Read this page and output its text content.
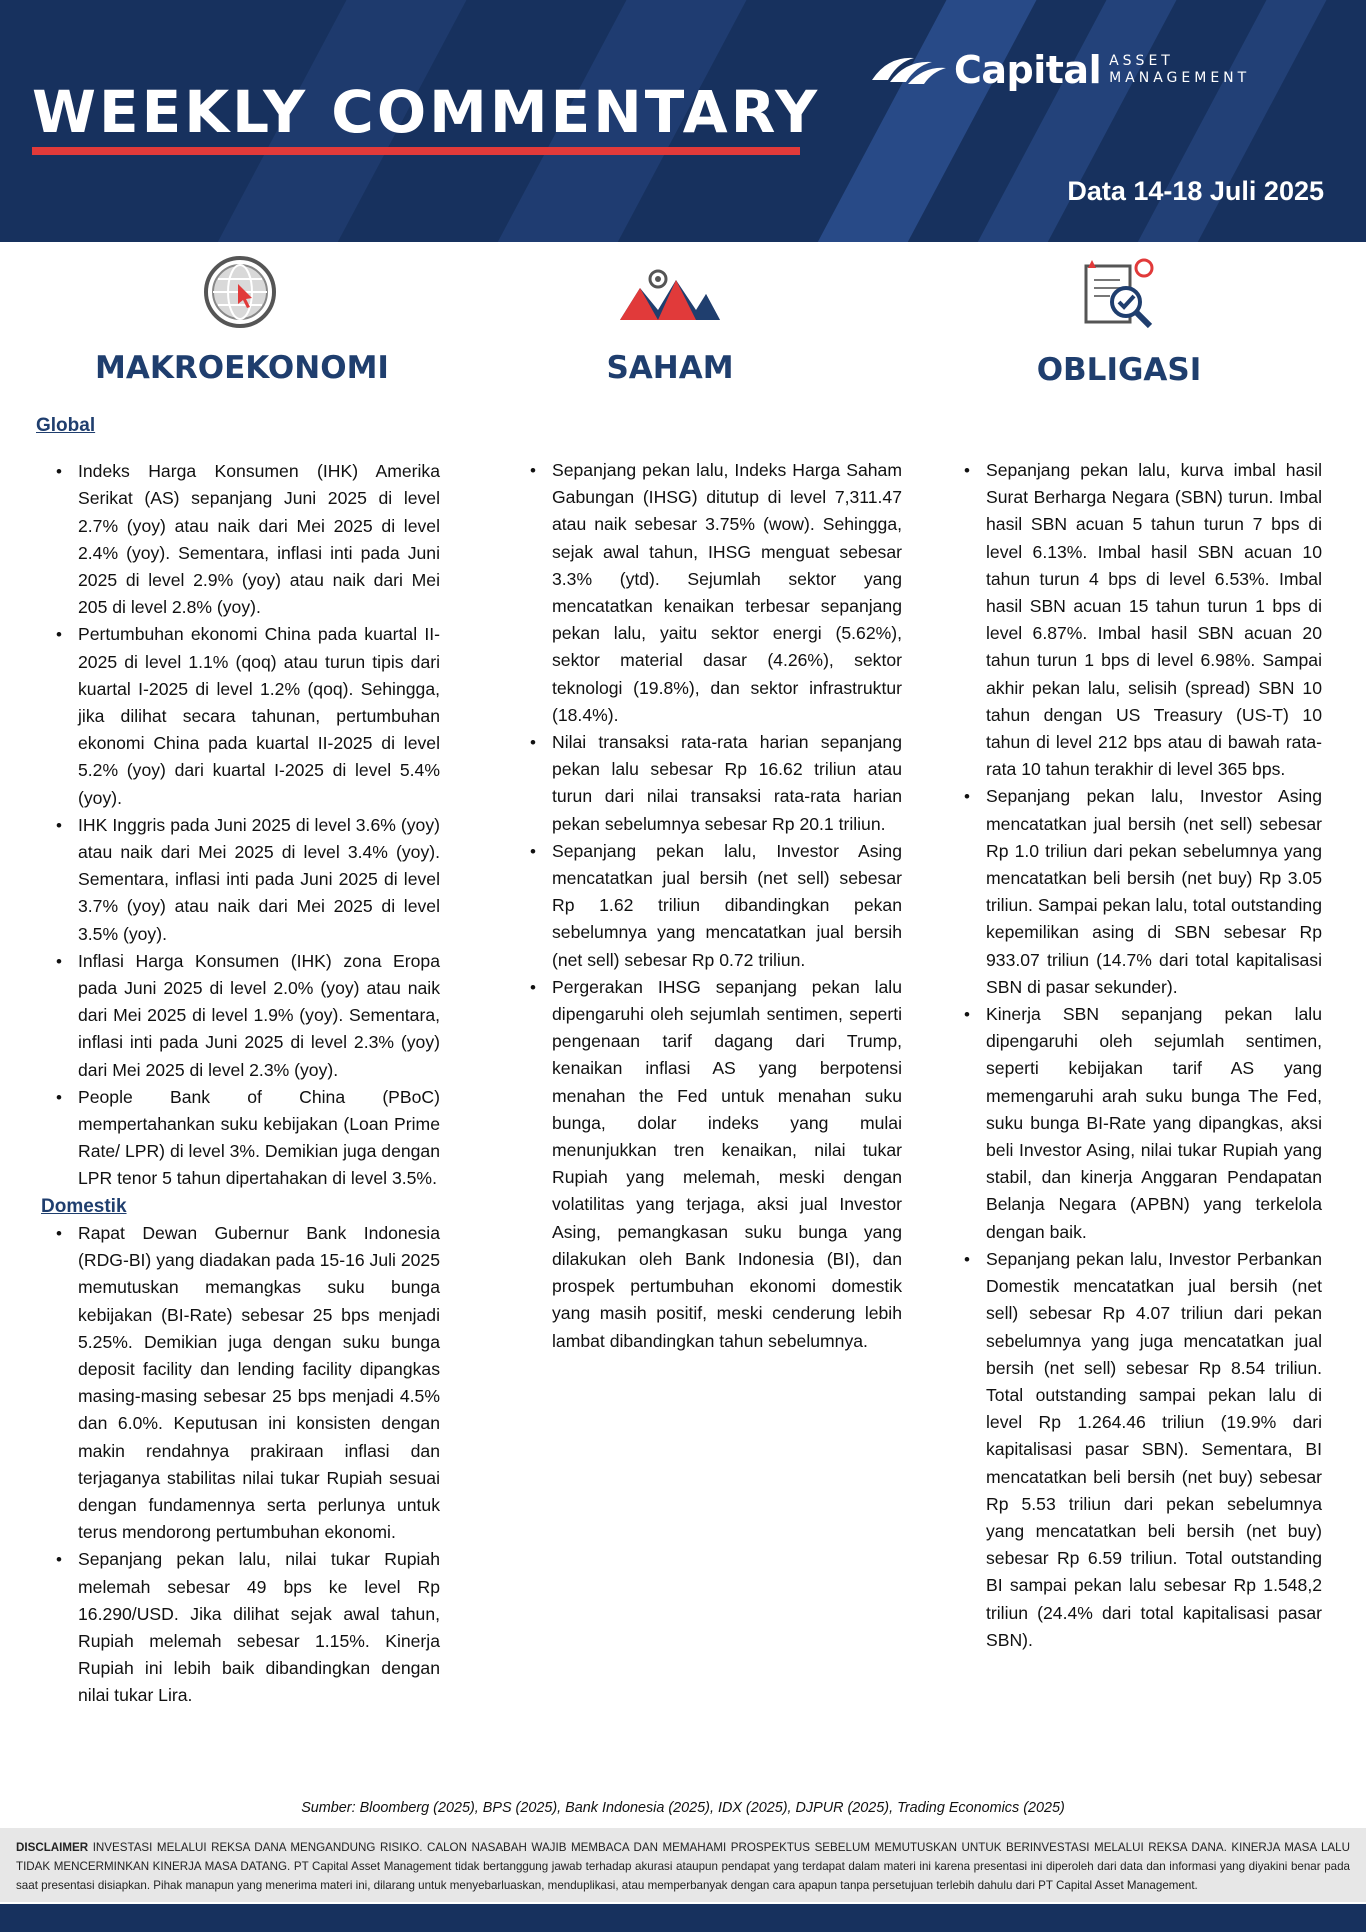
WEEKLY COMMENTARY
Capital ASSET
MANAGEMENT
Data 14-18 Juli 2025
MAKROEKONOMI	SAHAM	OBLIGASI
Global
• Indeks Harga Konsumen (IHK) Amerika Serikat (AS) sepanjang Juni 2025 di level 2.7% (yoy) atau naik dari Mei 2025 di level 2.4% (yoy). Sementara, inflasi inti pada Juni 2025 di level 2.9% (yoy) atau naik dari Mei 205 di level 2.8% (yoy).
• Pertumbuhan ekonomi China pada kuartal II-2025 di level 1.1% (qoq) atau turun tipis dari kuartal I-2025 di level 1.2% (qoq). Sehingga, jika dilihat secara tahunan, pertumbuhan ekonomi China pada kuartal II-2025 di level 5.2% (yoy) dari kuartal I-2025 di level 5.4% (yoy).
• IHK Inggris pada Juni 2025 di level 3.6% (yoy) atau naik dari Mei 2025 di level 3.4% (yoy). Sementara, inflasi inti pada Juni 2025 di level 3.7% (yoy) atau naik dari Mei 2025 di level 3.5% (yoy).
• Inflasi Harga Konsumen (IHK) zona Eropa pada Juni 2025 di level 2.0% (yoy) atau naik dari Mei 2025 di level 1.9% (yoy). Sementara, inflasi inti pada Juni 2025 di level 2.3% (yoy) dari Mei 2025 di level 2.3% (yoy).
• People Bank of China (PBoC) mempertahankan suku kebijakan (Loan Prime Rate/ LPR) di level 3%. Demikian juga dengan LPR tenor 5 tahun dipertahakan di level 3.5%.
Domestik
• Rapat Dewan Gubernur Bank Indonesia (RDG-BI) yang diadakan pada 15-16 Juli 2025 memutuskan memangkas suku bunga kebijakan (BI-Rate) sebesar 25 bps menjadi 5.25%. Demikian juga dengan suku bunga deposit facility dan lending facility dipangkas masing-masing sebesar 25 bps menjadi 4.5% dan 6.0%. Keputusan ini konsisten dengan makin rendahnya prakiraan inflasi dan terjaganya stabilitas nilai tukar Rupiah sesuai dengan fundamennya serta perlunya untuk terus mendorong pertumbuhan ekonomi.
• Sepanjang pekan lalu, nilai tukar Rupiah melemah sebesar 49 bps ke level Rp 16.290/USD. Jika dilihat sejak awal tahun, Rupiah melemah sebesar 1.15%. Kinerja Rupiah ini lebih baik dibandingkan dengan nilai tukar Lira.
• Sepanjang pekan lalu, Indeks Harga Saham Gabungan (IHSG) ditutup di level 7,311.47 atau naik sebesar 3.75% (wow). Sehingga, sejak awal tahun, IHSG menguat sebesar 3.3% (ytd). Sejumlah sektor yang mencatatkan kenaikan terbesar sepanjang pekan lalu, yaitu sektor energi (5.62%), sektor material dasar (4.26%), sektor teknologi (19.8%), dan sektor infrastruktur (18.4%).
• Nilai transaksi rata-rata harian sepanjang pekan lalu sebesar Rp 16.62 triliun atau turun dari nilai transaksi rata-rata harian pekan sebelumnya sebesar Rp 20.1 triliun.
• Sepanjang pekan lalu, Investor Asing mencatatkan jual bersih (net sell) sebesar Rp 1.62 triliun dibandingkan pekan sebelumnya yang mencatatkan jual bersih (net sell) sebesar Rp 0.72 triliun.
• Pergerakan IHSG sepanjang pekan lalu dipengaruhi oleh sejumlah sentimen, seperti pengenaan tarif dagang dari Trump, kenaikan inflasi AS yang berpotensi menahan the Fed untuk menahan suku bunga, dolar indeks yang mulai menunjukkan tren kenaikan, nilai tukar Rupiah yang melemah, meski dengan volatilitas yang terjaga, aksi jual Investor Asing, pemangkasan suku bunga yang dilakukan oleh Bank Indonesia (BI), dan prospek pertumbuhan ekonomi domestik yang masih positif, meski cenderung lebih lambat dibandingkan tahun sebelumnya.
• Sepanjang pekan lalu, kurva imbal hasil Surat Berharga Negara (SBN) turun. Imbal hasil SBN acuan 5 tahun turun 7 bps di level 6.13%. Imbal hasil SBN acuan 10 tahun turun 4 bps di level 6.53%. Imbal hasil SBN acuan 15 tahun turun 1 bps di level 6.87%. Imbal hasil SBN acuan 20 tahun turun 1 bps di level 6.98%. Sampai akhir pekan lalu, selisih (spread) SBN 10 tahun dengan US Treasury (US-T) 10 tahun di level 212 bps atau di bawah rata-rata 10 tahun terakhir di level 365 bps.
• Sepanjang pekan lalu, Investor Asing mencatatkan jual bersih (net sell) sebesar Rp 1.0 triliun dari pekan sebelumnya yang mencatatkan beli bersih (net buy) Rp 3.05 triliun. Sampai pekan lalu, total outstanding kepemilikan asing di SBN sebesar Rp 933.07 triliun (14.7% dari total kapitalisasi SBN di pasar sekunder).
• Kinerja SBN sepanjang pekan lalu dipengaruhi oleh sejumlah sentimen, seperti kebijakan tarif AS yang memengaruhi arah suku bunga The Fed, suku bunga BI-Rate yang dipangkas, aksi beli Investor Asing, nilai tukar Rupiah yang stabil, dan kinerja Anggaran Pendapatan Belanja Negara (APBN) yang terkelola dengan baik.
• Sepanjang pekan lalu, Investor Perbankan Domestik mencatatkan jual bersih (net sell) sebesar Rp 4.07 triliun dari pekan sebelumnya yang juga mencatatkan jual bersih (net sell) sebesar Rp 8.54 triliun. Total outstanding sampai pekan lalu di level Rp 1.264.46 triliun (19.9% dari kapitalisasi pasar SBN). Sementara, BI mencatatkan beli bersih (net buy) sebesar Rp 5.53 triliun dari pekan sebelumnya yang mencatatkan beli bersih (net buy) sebesar Rp 6.59 triliun. Total outstanding BI sampai pekan lalu sebesar Rp 1.548,2 triliun (24.4% dari total kapitalisasi pasar SBN).
Sumber: Bloomberg (2025), BPS (2025), Bank Indonesia (2025), IDX (2025), DJPUR (2025), Trading Economics (2025)
DISCLAIMER INVESTASI MELALUI REKSA DANA MENGANDUNG RISIKO. CALON NASABAH WAJIB MEMBACA DAN MEMAHAMI PROSPEKTUS SEBELUM MEMUTUSKAN UNTUK BERINVESTASI MELALUI REKSA DANA. KINERJA MASA LALU TIDAK MENCERMINKAN KINERJA MASA DATANG. PT Capital Asset Management tidak bertanggung jawab terhadap akurasi ataupun pendapat yang terdapat dalam materi ini karena presentasi ini diperoleh dari data dan informasi yang diyakini benar pada saat presentasi disiapkan. Pihak manapun yang menerima materi ini, dilarang untuk menyebarluaskan, menduplikasi, atau memperbanyak dengan cara apapun tanpa persetujuan terlebih dahulu dari PT Capital Asset Management.
